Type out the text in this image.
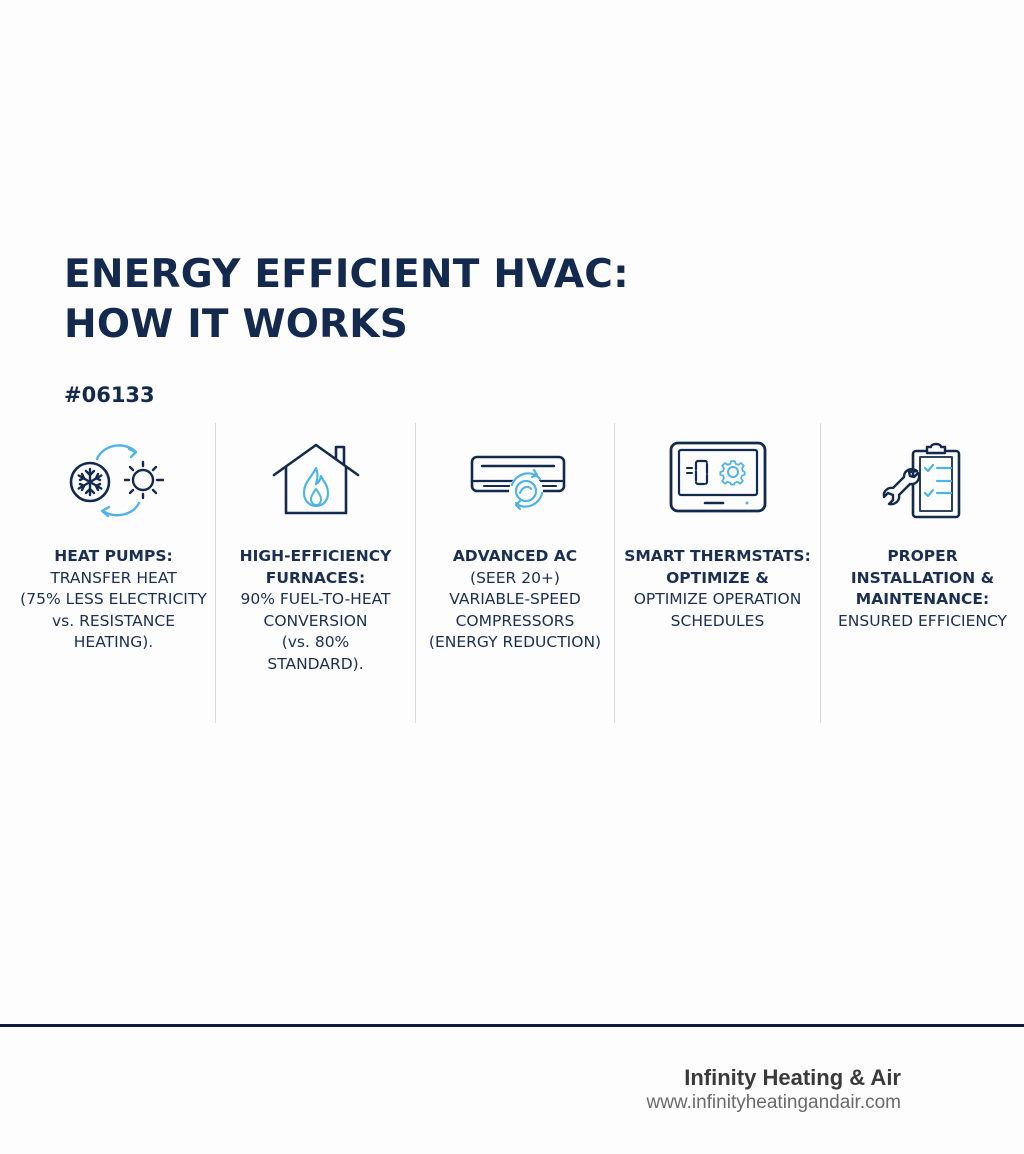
ENERGY EFFICIENT HVAC:
HOW IT WORKS
#06133
HEAT PUMPS:
TRANSFER HEAT
(75% LESS ELECTRICITY
vs. RESISTANCE
HEATING).
HIGH-EFFICIENCY
FURNACES:
90% FUEL-TO-HEAT
CONVERSION
(vs. 80%
STANDARD).
ADVANCED AC
(SEER 20+)
VARIABLE-SPEED
COMPRESSORS
(ENERGY REDUCTION)
SMART THERMSTATS:
OPTIMIZE &
OPTIMIZE OPERATION
SCHEDULES
PROPER
INSTALLATION &
MAINTENANCE:
ENSURED EFFICIENCY
Infinity Heating & Air
www.infinityheatingandair.com
